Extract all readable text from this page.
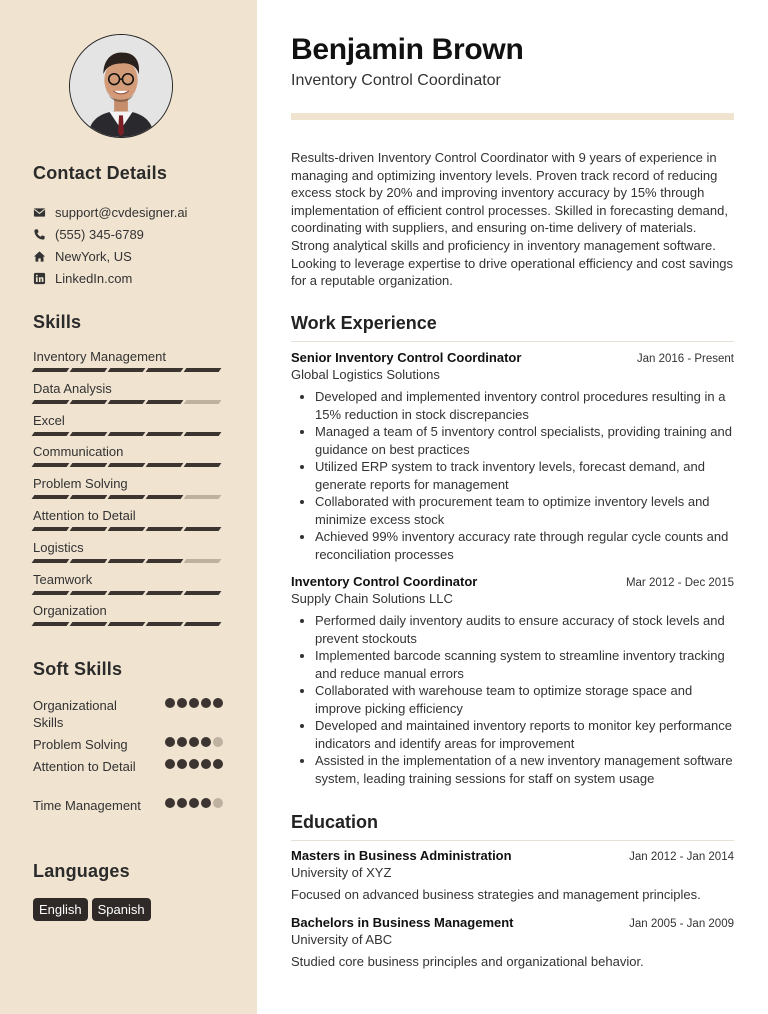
Contact Details
support@cvdesigner.ai
(555) 345-6789
NewYork, US
LinkedIn.com
Skills
Inventory Management
Data Analysis
Excel
Communication
Problem Solving
Attention to Detail
Logistics
Teamwork
Organization
Soft Skills
Organizational Skills
Problem Solving
Attention to Detail
Time Management
Languages
English	Spanish
Benjamin Brown

Inventory Control Coordinator

Results-driven Inventory Control Coordinator with 9 years of experience in managing and optimizing inventory levels. Proven track record of reducing excess stock by 20% and improving inventory accuracy by 15% through implementation of efficient control processes. Skilled in forecasting demand, coordinating with suppliers, and ensuring on-time delivery of materials. Strong analytical skills and proficiency in inventory management software. Looking to leverage expertise to drive operational efficiency and cost savings for a reputable organization.

Work Experience
Senior Inventory Control Coordinator	Jan 2016 - Present
Global Logistics Solutions
• Developed and implemented inventory control procedures resulting in a 15% reduction in stock discrepancies
• Managed a team of 5 inventory control specialists, providing training and guidance on best practices
• Utilized ERP system to track inventory levels, forecast demand, and generate reports for management
• Collaborated with procurement team to optimize inventory levels and minimize excess stock
• Achieved 99% inventory accuracy rate through regular cycle counts and reconciliation processes
Inventory Control Coordinator	Mar 2012 - Dec 2015
Supply Chain Solutions LLC
• Performed daily inventory audits to ensure accuracy of stock levels and prevent stockouts
• Implemented barcode scanning system to streamline inventory tracking and reduce manual errors
• Collaborated with warehouse team to optimize storage space and improve picking efficiency
• Developed and maintained inventory reports to monitor key performance indicators and identify areas for improvement
• Assisted in the implementation of a new inventory management software system, leading training sessions for staff on system usage
Education
Masters in Business Administration	Jan 2012 - Jan 2014
University of XYZ
Focused on advanced business strategies and management principles.
Bachelors in Business Management	Jan 2005 - Jan 2009
University of ABC
Studied core business principles and organizational behavior.
